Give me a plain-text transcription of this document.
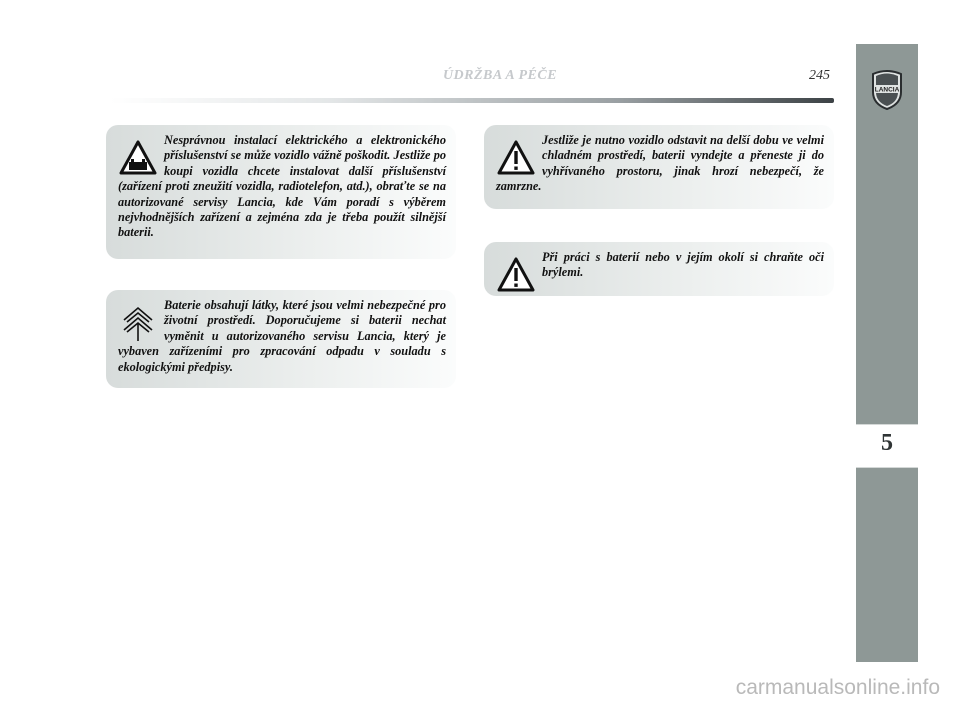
ÚDRŽBA A PÉČE	245
5
LANCIA

Nesprávnou instalací elektrického a elektronického příslušenství se může vozidlo vážně poškodit. Jestliže po koupi vozidla chcete instalovat další příslušenství (zařízení proti zneužití vozidla, radiotelefon, atd.), obraťte se na autorizované servisy Lancia, kde Vám poradí s výběrem nejvhodnějších zařízení a zejména zda je třeba použít silnější baterii.

Baterie obsahují látky, které jsou velmi nebezpečné pro životní prostředí. Doporučujeme si baterii nechat vyměnit u autorizovaného servisu Lancia, který je vybaven zařízeními pro zpracování odpadu v souladu s ekologickými předpisy.

Jestliže je nutno vozidlo odstavit na delší dobu ve velmi chladném prostředí, baterii vyndejte a přeneste ji do vyhřívaného prostoru, jinak hrozí nebezpečí, že zamrzne.

Při práci s baterií nebo v jejím okolí si chraňte oči brýlemi.

carmanualsonline.info
